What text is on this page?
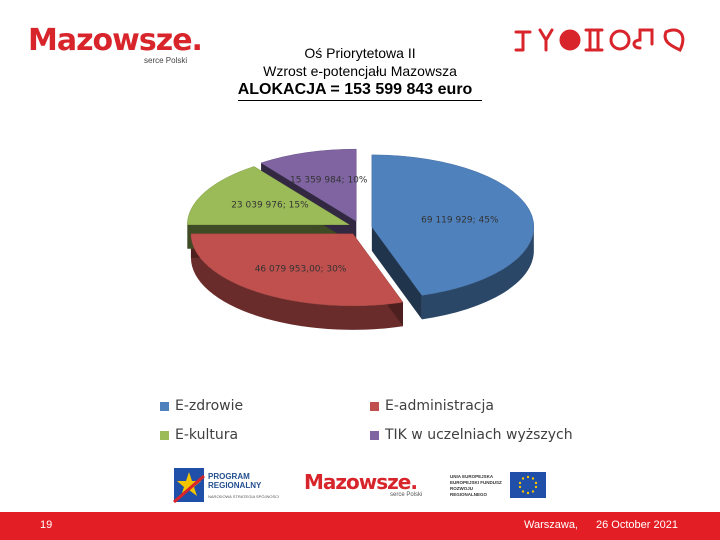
Mazowsze.
serce Polski	Oś Priorytetowa II
Wzrost e-potencjału Mazowsza
ALOKACJA = 153 599 843 euro
69 119 929; 45%
46 079 953,00; 30%
23 039 976; 15%
15 359 984; 10%
E-zdrowie	E-administracja
E-kultura	TIK w uczelniach wyższych
PROGRAM
REGIONALNY
NARODOWA STRATEGIA SPÓJNOŚCI
Mazowsze.
serce Polski
UNIA EUROPEJSKA
EUROPEJSKI FUNDUSZ
ROZWOJU REGIONALNEGO
19	Warszawa, 26 October 2021
